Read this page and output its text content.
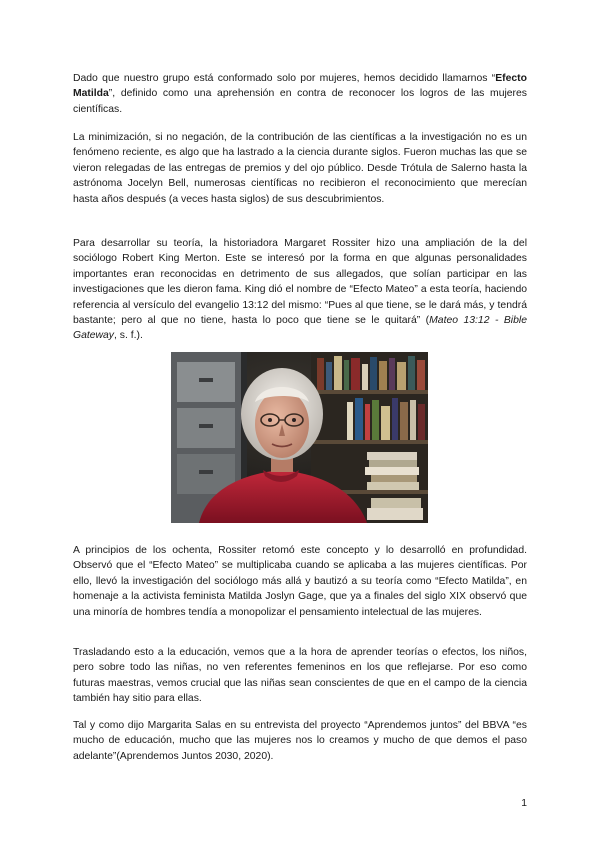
Dado que nuestro grupo está conformado solo por mujeres, hemos decidido llamarnos “Efecto Matilda”, definido como una aprehensión en contra de reconocer los logros de las mujeres científicas.

La minimización, si no negación, de la contribución de las científicas a la investigación no es un fenómeno reciente, es algo que ha lastrado a la ciencia durante siglos. Fueron muchas las que se vieron relegadas de las entregas de premios y del ojo público. Desde Trótula de Salerno hasta la astrónoma Jocelyn Bell, numerosas científicas no recibieron el reconocimiento que merecían hasta años después (a veces hasta siglos) de sus descubrimientos.

Para desarrollar su teoría, la historiadora Margaret Rossiter hizo una ampliación de la del sociólogo Robert King Merton. Este se interesó por la forma en que algunas personalidades importantes eran reconocidas en detrimento de sus allegados, que solían participar en las investigaciones que les dieron fama. King dió el nombre de “Efecto Mateo” a esta teoría, haciendo referencia al versículo del evangelio 13:12 del mismo: “Pues al que tiene, se le dará más, y tendrá bastante; pero al que no tiene, hasta lo poco que tiene se le quitará” (Mateo 13:12 - Bible Gateway, s. f.).

A principios de los ochenta, Rossiter retomó este concepto y lo desarrolló en profundidad. Observó que el “Efecto Mateo” se multiplicaba cuando se aplicaba a las mujeres científicas. Por ello, llevó la investigación del sociólogo más allá y bautizó a su teoría como “Efecto Matilda”, en homenaje a la activista feminista Matilda Joslyn Gage, que ya a finales del siglo XIX observó que una minoría de hombres tendía a monopolizar el pensamiento intelectual de las mujeres.

Trasladando esto a la educación, vemos que a la hora de aprender teorías o efectos, los niños, pero sobre todo las niñas, no ven referentes femeninos en los que reflejarse. Por eso como futuras maestras, vemos crucial que las niñas sean conscientes de que en el campo de la ciencia también hay sitio para ellas.

Tal y como dijo Margarita Salas en su entrevista del proyecto “Aprendemos juntos” del BBVA “es mucho de educación, mucho que las mujeres nos lo creamos y mucho de que demos el paso adelante”(Aprendemos Juntos 2030, 2020).

1
